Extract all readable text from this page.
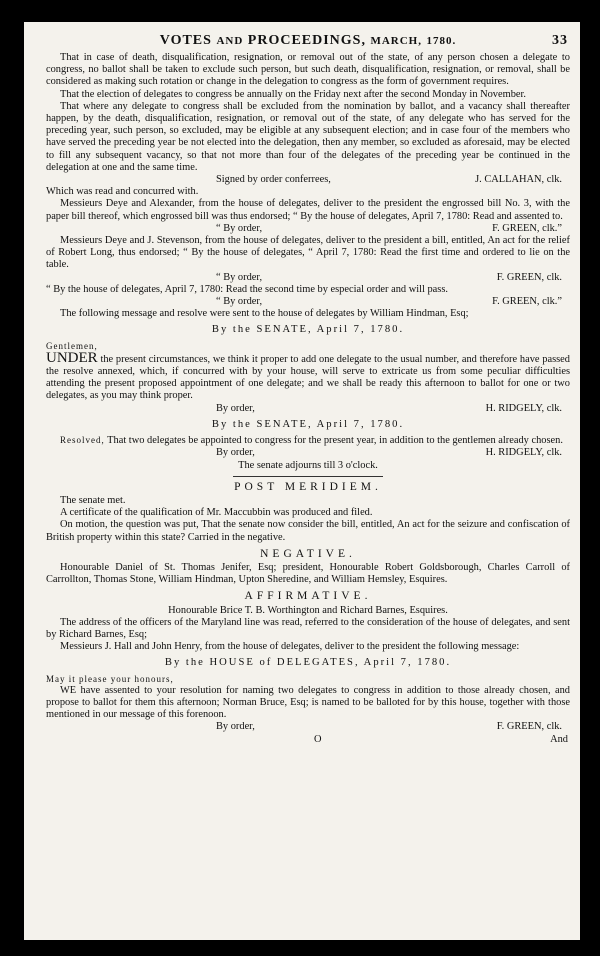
VOTES AND PROCEEDINGS, MARCH, 1780.	33

That in case of death, disqualification, resignation, or removal out of the state, of any person chosen a delegate to congress, no ballot shall be taken to exclude such person, but such death, disqualification, resignation, or removal, shall be considered as making such rotation or change in the delegation to congress as the form of government requires.

That the election of delegates to congress be annually on the Friday next after the second Monday in November.

That where any delegate to congress shall be excluded from the nomination by ballot, and a vacancy shall thereafter happen, by the death, disqualification, resignation, or removal out of the state, of any delegate who has served for the preceding year, such person, so excluded, may be eligible at any subsequent election; and in case four of the members who have served the preceding year be not elected into the delegation, then any member, so excluded as aforesaid, may be elected to fill any subsequent vacancy, so that not more than four of the delegates of the preceding year be continued in the delegation at one and the same time.

Signed by order conferrees,	J. CALLAHAN, clk.

Which was read and concurred with.

Messieurs Deye and Alexander, from the house of delegates, deliver to the president the engrossed bill No. 3, with the paper bill thereof, which engrossed bill was thus endorsed; “ By the house of delegates, April 7, 1780: Read and assented to.

“ By order,	F. GREEN, clk.”

Messieurs Deye and J. Stevenson, from the house of delegates, deliver to the president a bill, entitled, An act for the relief of Robert Long, thus endorsed; “ By the house of delegates, “ April 7, 1780: Read the first time and ordered to lie on the table.

“ By order,	F. GREEN, clk.

“ By the house of delegates, April 7, 1780: Read the second time by especial order and will pass.

“ By order,	F. GREEN, clk.”

The following message and resolve were sent to the house of delegates by William Hindman, Esq;

By the SENATE, April 7, 1780.

Gentlemen,

UNDER the present circumstances, we think it proper to add one delegate to the usual number, and therefore have passed the resolve annexed, which, if concurred with by your house, will serve to extricate us from some peculiar difficulties attending the present proposed appointment of one delegate; and we shall be ready this afternoon to ballot for one or two delegates, as you may think proper.

By order,	H. RIDGELY, clk.
By the SENATE, April 7, 1780.

Resolved, That two delegates be appointed to congress for the present year, in addition to the gentlemen already chosen.

By order,	H. RIDGELY, clk.

The senate adjourns till 3 o'clock.

POST MERIDIEM.

The senate met.

A certificate of the qualification of Mr. Maccubbin was produced and filed.

On motion, the question was put, That the senate now consider the bill, entitled, An act for the seizure and confiscation of British property within this state? Carried in the negative.

NEGATIVE.

Honourable Daniel of St. Thomas Jenifer, Esq; president, Honourable Robert Goldsborough, Charles Carroll of Carrollton, Thomas Stone, William Hindman, Upton Sheredine, and William Hemsley, Esquires.

AFFIRMATIVE.

Honourable Brice T. B. Worthington and Richard Barnes, Esquires.

The address of the officers of the Maryland line was read, referred to the consideration of the house of delegates, and sent by Richard Barnes, Esq;

Messieurs J. Hall and John Henry, from the house of delegates, deliver to the president the following message:

By the HOUSE of DELEGATES, April 7, 1780.

May it please your honours,

WE have assented to your resolution for naming two delegates to congress in addition to those already chosen, and propose to ballot for them this afternoon; Norman Bruce, Esq; is named to be balloted for by this house, together with those mentioned in our message of this forenoon.

By order,	F. GREEN, clk.
O	And
